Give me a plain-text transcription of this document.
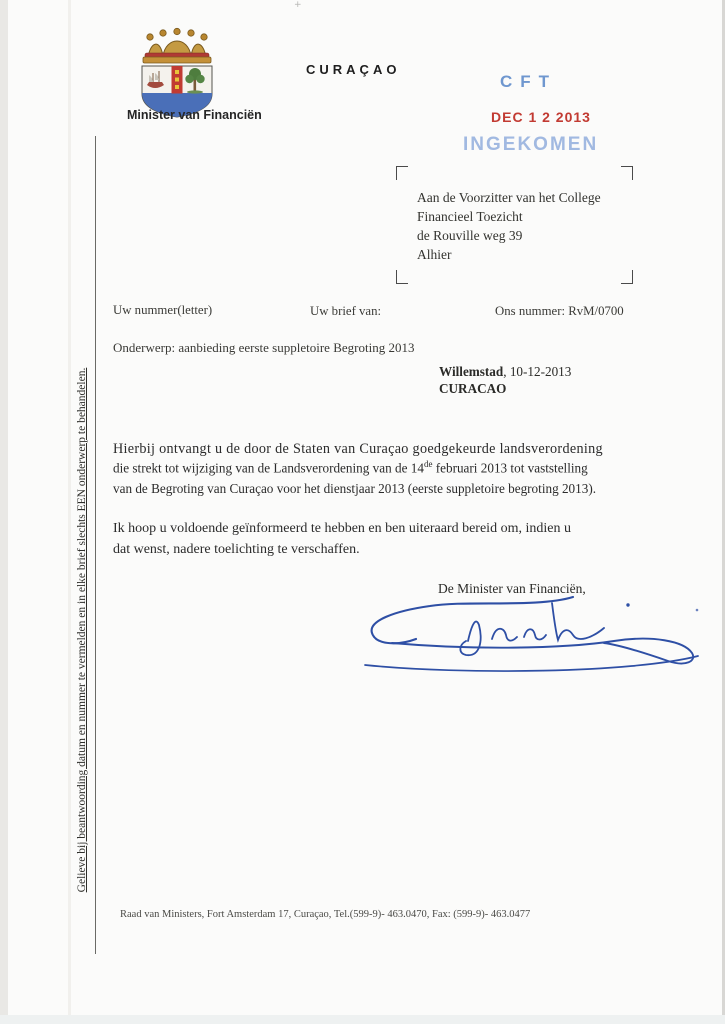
+
Minister van Financiën
CURAÇAO
CFT
DEC 1 2 2013
INGEKOMEN
Aan de Voorzitter van het College
Financieel Toezicht
de Rouville weg 39
Alhier
Uw nummer(letter)	Uw brief van:	Ons nummer: RvM/0700
Onderwerp: aanbieding eerste suppletoire Begroting 2013
Willemstad, 10-12-2013
CURACAO
Hierbij ontvangt u de door de Staten van Curaçao goedgekeurde landsverordening
die strekt tot wijziging van de Landsverordening van de 14de februari 2013 tot vaststelling
van de Begroting van Curaçao voor het dienstjaar 2013 (eerste suppletoire begroting 2013).
Ik hoop u voldoende geïnformeerd te hebben en ben uiteraard bereid om, indien u
dat wenst, nadere toelichting te verschaffen.
De Minister van Financiën,
Gelieve bij beantwoording datum en nummer te vermelden en in elke brief slechts EEN onderwerp te behandelen.
Raad van Ministers, Fort Amsterdam 17, Curaçao, Tel.(599-9)- 463.0470, Fax: (599-9)- 463.0477
